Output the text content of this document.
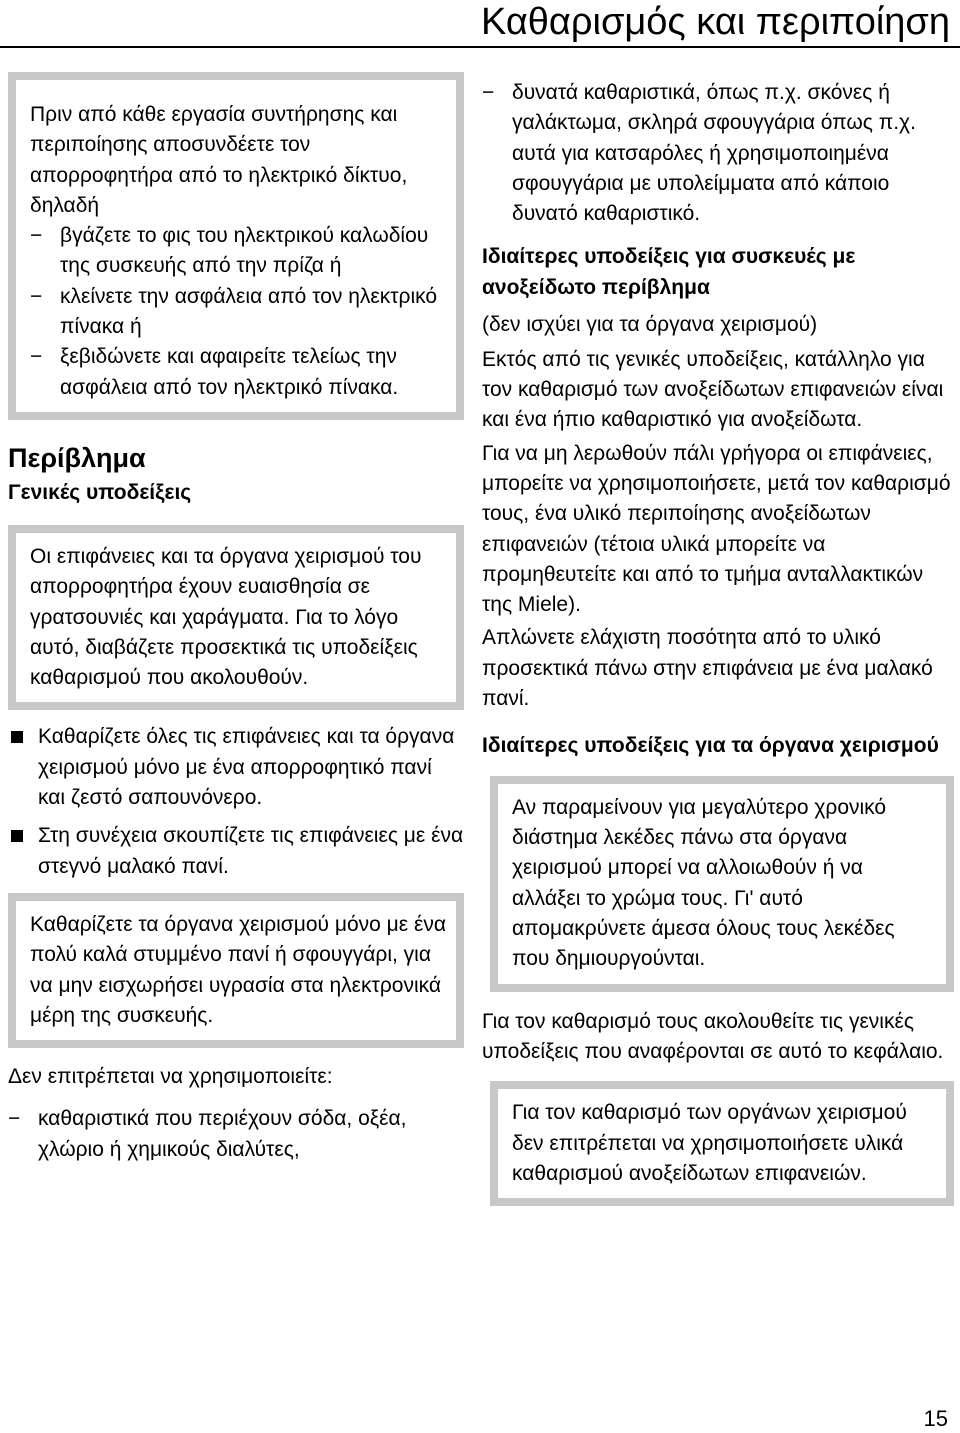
Καθαρισμός και περιποίηση

Πριν από κάθε εργασία συντήρησης και περιποίησης αποσυνδέετε τον απορροφητήρα από το ηλεκτρικό δίκτυο, δηλαδή

− βγάζετε το φις του ηλεκτρικού καλωδίου της συσκευής από την πρίζα ή
− κλείνετε την ασφάλεια από τον ηλεκτρικό πίνακα ή
− ξεβιδώνετε και αφαιρείτε τελείως την ασφάλεια από τον ηλεκτρικό πίνακα.
Περίβλημα
Γενικές υποδείξεις

Οι επιφάνειες και τα όργανα χειρισμού του απορροφητήρα έχουν ευαισθησία σε γρατσουνιές και χαράγματα. Για το λόγο αυτό, διαβάζετε προσεκτικά τις υποδείξεις καθαρισμού που ακολουθούν.

Καθαρίζετε όλες τις επιφάνειες και τα όργανα χειρισμού μόνο με ένα απορροφητικό πανί και ζεστό σαπουνόνερο.
Στη συνέχεια σκουπίζετε τις επιφάνειες με ένα στεγνό μαλακό πανί.

Καθαρίζετε τα όργανα χειρισμού μόνο με ένα πολύ καλά στυμμένο πανί ή σφουγγάρι, για να μην εισχωρήσει υγρασία στα ηλεκτρονικά μέρη της συσκευής.

Δεν επιτρέπεται να χρησιμοποιείτε:

− καθαριστικά που περιέχουν σόδα, οξέα, χλώριο ή χημικούς διαλύτες,
− δυνατά καθαριστικά, όπως π.χ. σκόνες ή γαλάκτωμα, σκληρά σφουγγάρια όπως π.χ. αυτά για κατσαρόλες ή χρησιμοποιημένα σφουγγάρια με υπολείμματα από κάποιο δυνατό καθαριστικό.
Ιδιαίτερες υποδείξεις για συσκευές με ανοξείδωτο περίβλημα

(δεν ισχύει για τα όργανα χειρισμού)

Εκτός από τις γενικές υποδείξεις, κατάλληλο για τον καθαρισμό των ανοξείδωτων επιφανειών είναι και ένα ήπιο καθαριστικό για ανοξείδωτα.

Για να μη λερωθούν πάλι γρήγορα οι επιφάνειες, μπορείτε να χρησιμοποιήσετε, μετά τον καθαρισμό τους, ένα υλικό περιποίησης ανοξείδωτων επιφανειών (τέτοια υλικά μπορείτε να προμηθευτείτε και από το τμήμα ανταλλακτικών της Miele).

Απλώνετε ελάχιστη ποσότητα από το υλικό προσεκτικά πάνω στην επιφάνεια με ένα μαλακό πανί.

Ιδιαίτερες υποδείξεις για τα όργανα χειρισμού

Αν παραμείνουν για μεγαλύτερο χρονικό διάστημα λεκέδες πάνω στα όργανα χειρισμού μπορεί να αλλοιωθούν ή να αλλάξει το χρώμα τους. Γι' αυτό απομακρύνετε άμεσα όλους τους λεκέδες που δημιουργούνται.

Για τον καθαρισμό τους ακολουθείτε τις γενικές υποδείξεις που αναφέρονται σε αυτό το κεφάλαιο.

Για τον καθαρισμό των οργάνων χειρισμού δεν επιτρέπεται να χρησιμοποιήσετε υλικά καθαρισμού ανοξείδωτων επιφανειών.

15
